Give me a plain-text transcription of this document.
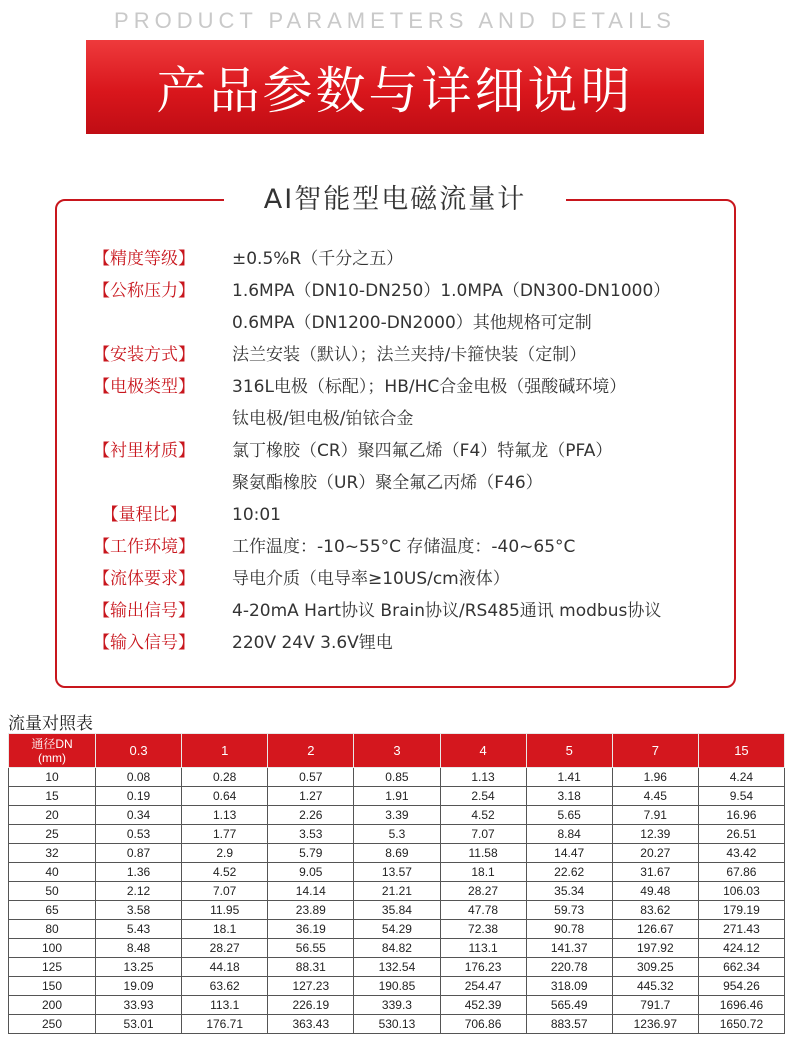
PRODUCT PARAMETERS AND DETAILS
产品参数与详细说明
AI智能型电磁流量计
【精度等级】	±0.5%R（千分之五）
【公称压力】	1.6MPA（DN10-DN250）1.0MPA（DN300-DN1000）
0.6MPA（DN1200-DN2000）其他规格可定制
【安装方式】	法兰安装（默认）；法兰夹持/卡箍快装（定制）
【电极类型】	316L电极（标配）；HB/HC合金电极（强酸碱环境）
钛电极/钽电极/铂铱合金
【衬里材质】	氯丁橡胶（CR）聚四氟乙烯（F4）特氟龙（PFA）
聚氨酯橡胶（UR）聚全氟乙丙烯（F46）
【量程比】	10:01
【工作环境】	工作温度：-10~55°C 存储温度：-40~65°C
【流体要求】	导电介质（电导率≥10US/cm液体）
【输出信号】	4-20mA Hart协议 Brain协议/RS485通讯 modbus协议
【输入信号】	220V 24V 3.6V锂电
流量对照表
通径DN
(mm)	0.3	1	2	3	4	5	7	15
10	0.08	0.28	0.57	0.85	1.13	1.41	1.96	4.24
15	0.19	0.64	1.27	1.91	2.54	3.18	4.45	9.54
20	0.34	1.13	2.26	3.39	4.52	5.65	7.91	16.96
25	0.53	1.77	3.53	5.3	7.07	8.84	12.39	26.51
32	0.87	2.9	5.79	8.69	11.58	14.47	20.27	43.42
40	1.36	4.52	9.05	13.57	18.1	22.62	31.67	67.86
50	2.12	7.07	14.14	21.21	28.27	35.34	49.48	106.03
65	3.58	11.95	23.89	35.84	47.78	59.73	83.62	179.19
80	5.43	18.1	36.19	54.29	72.38	90.78	126.67	271.43
100	8.48	28.27	56.55	84.82	113.1	141.37	197.92	424.12
125	13.25	44.18	88.31	132.54	176.23	220.78	309.25	662.34
150	19.09	63.62	127.23	190.85	254.47	318.09	445.32	954.26
200	33.93	113.1	226.19	339.3	452.39	565.49	791.7	1696.46
250	53.01	176.71	363.43	530.13	706.86	883.57	1236.97	1650.72
